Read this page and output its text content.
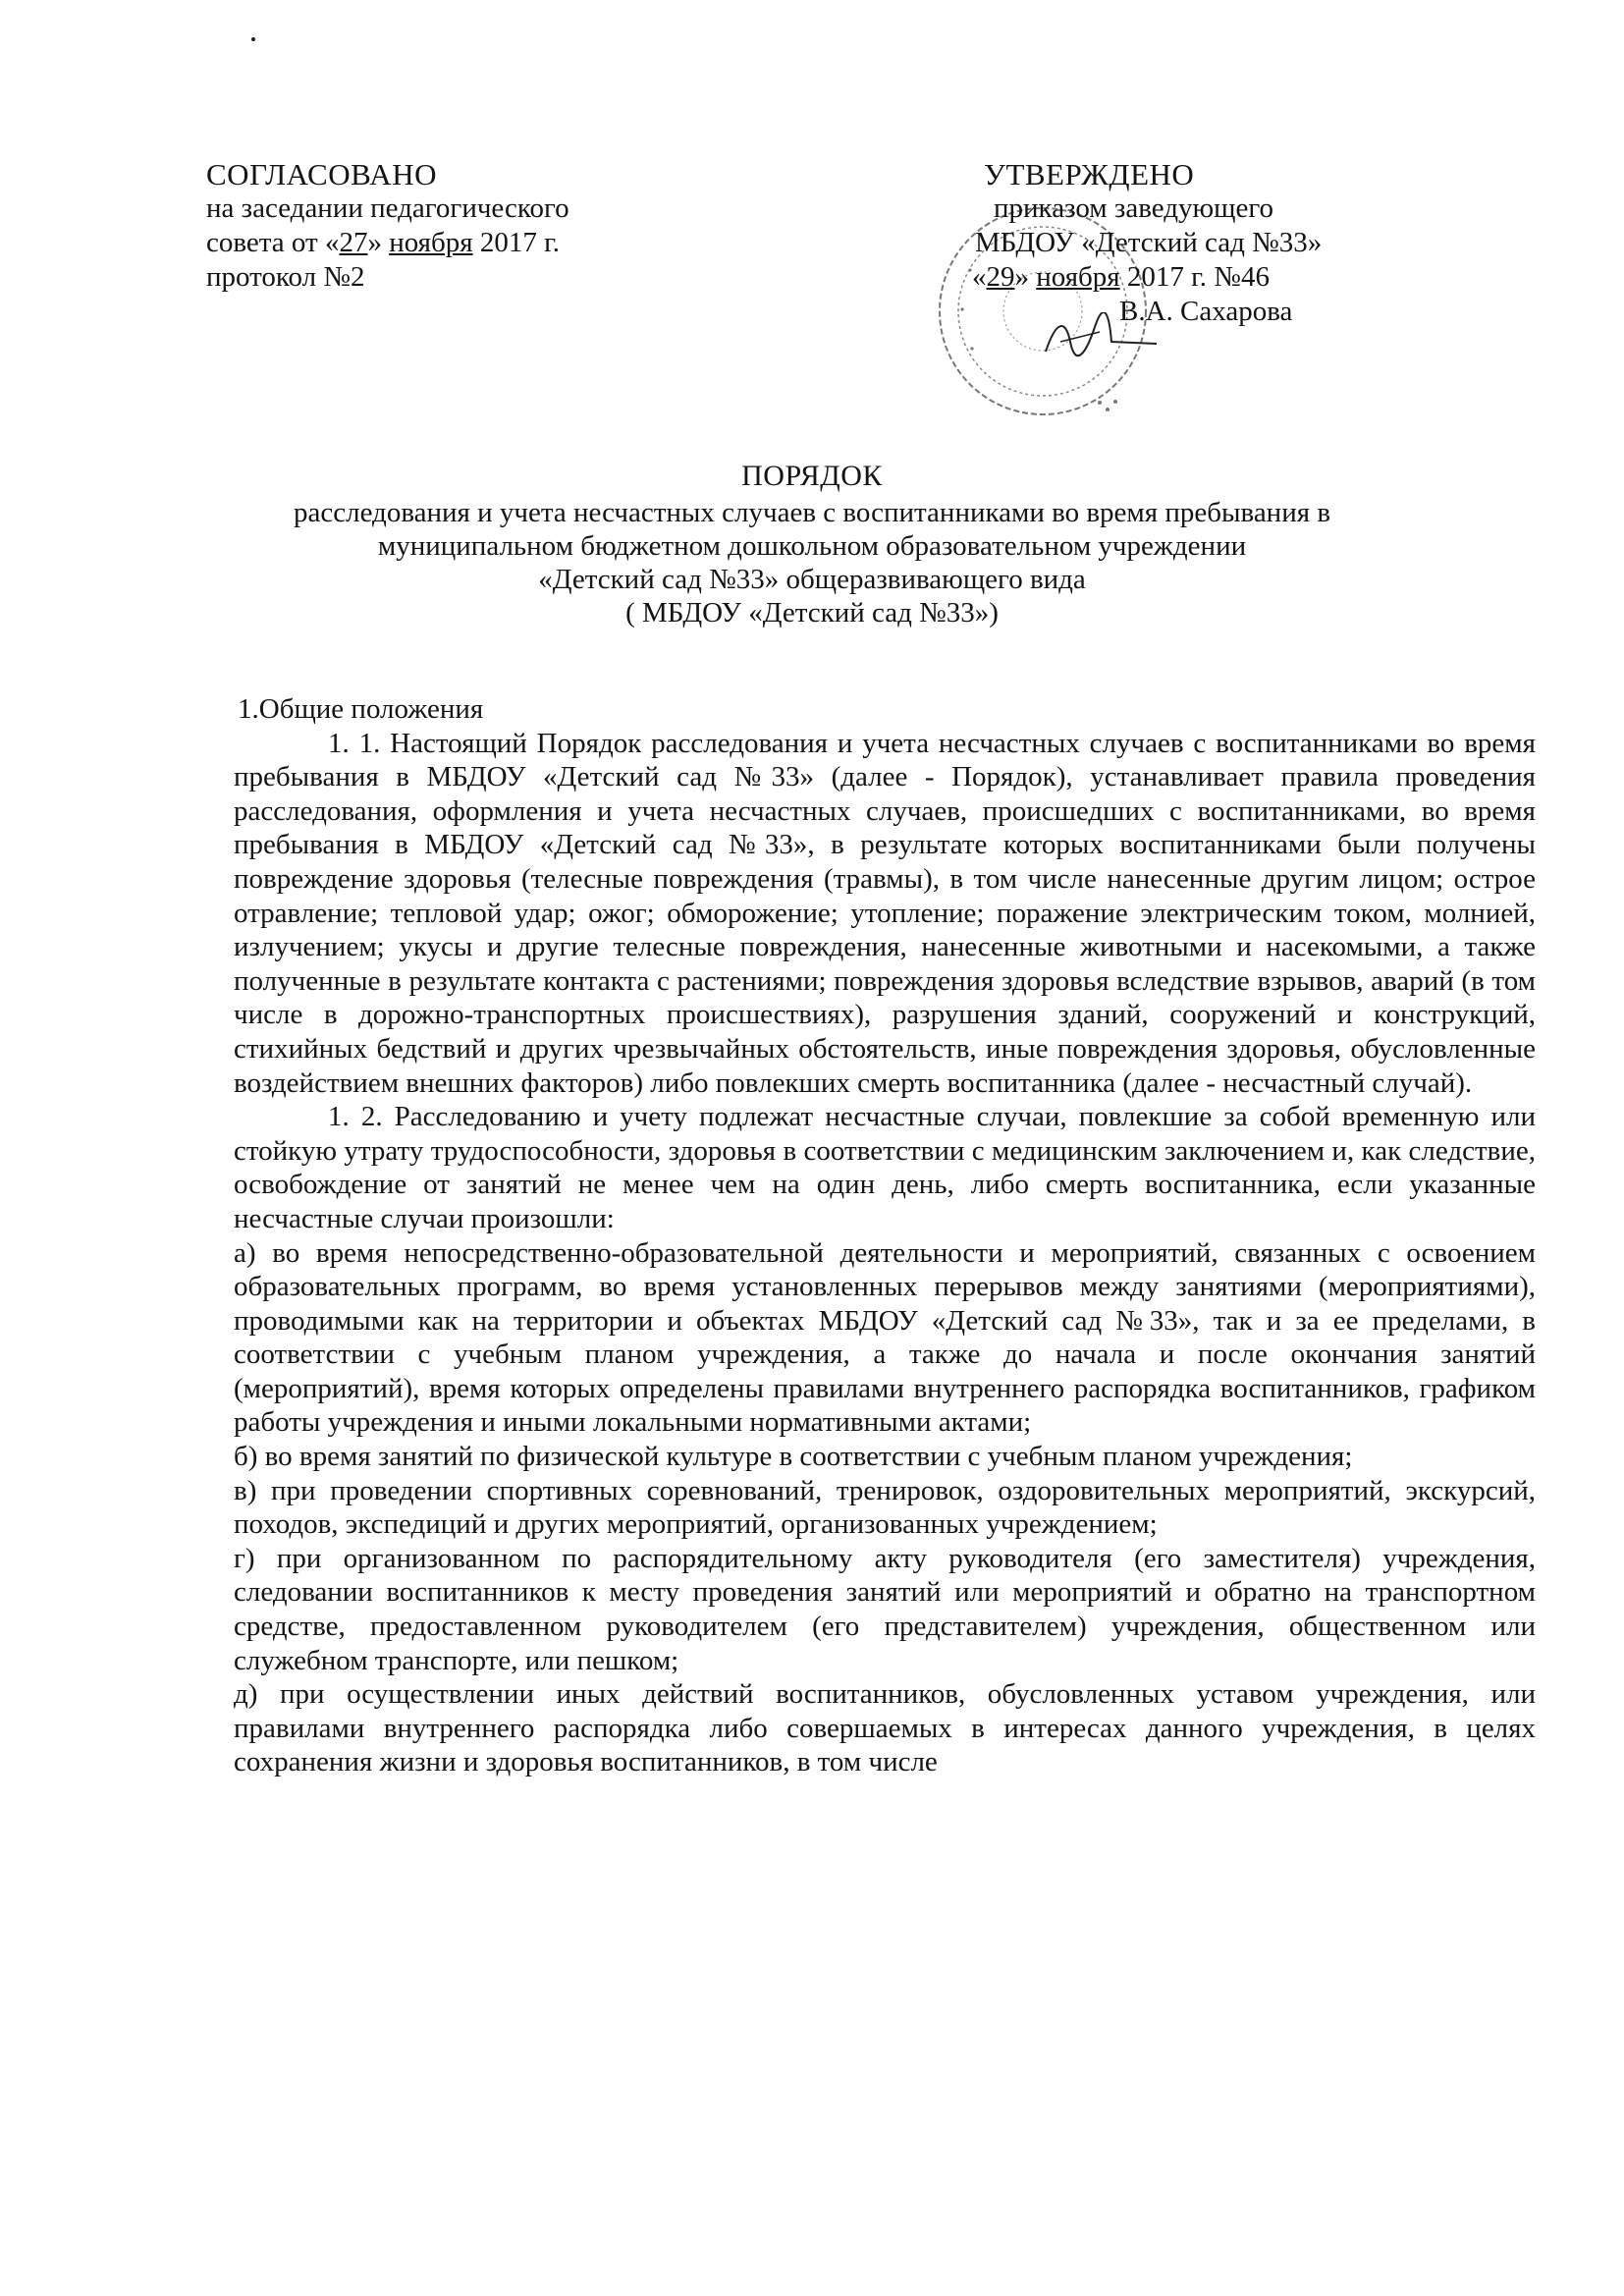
СОГЛАСОВАНО
на заседании педагогического
совета от «27» ноября 2017 г.
протокол №2
УТВЕРЖДЕНО
приказом заведующего
МБДОУ «Детский сад №33»
«29» ноября 2017 г. №46
В.А. Сахарова
ПОРЯДОК
расследования и учета несчастных случаев с воспитанниками во время пребывания в
муниципальном бюджетном дошкольном образовательном учреждении
«Детский сад №33» общеразвивающего вида
( МБДОУ «Детский сад №33»)

1.Общие положения

1. 1. Настоящий Порядок расследования и учета несчастных случаев с воспитанниками во время пребывания в МБДОУ «Детский сад №33» (далее - Порядок), устанавливает правила проведения расследования, оформления и учета несчастных случаев, происшедших с воспитанниками, во время пребывания в МБДОУ «Детский сад №33», в результате которых воспитанниками были получены повреждение здоровья (телесные повреждения (травмы), в том числе нанесенные другим лицом; острое отравление; тепловой удар; ожог; обморожение; утопление; поражение электрическим током, молнией, излучением; укусы и другие телесные повреждения, нанесенные животными и насекомыми, а также полученные в результате контакта с растениями; повреждения здоровья вследствие взрывов, аварий (в том числе в дорожно-транспортных происшествиях), разрушения зданий, сооружений и конструкций, стихийных бедствий и других чрезвычайных обстоятельств, иные повреждения здоровья, обусловленные воздействием внешних факторов) либо повлекших смерть воспитанника (далее - несчастный случай).

1. 2. Расследованию и учету подлежат несчастные случаи, повлекшие за собой временную или стойкую утрату трудоспособности, здоровья в соответствии с медицинским заключением и, как следствие, освобождение от занятий не менее чем на один день, либо смерть воспитанника, если указанные несчастные случаи произошли:

а) во время непосредственно-образовательной деятельности и мероприятий, связанных с освоением образовательных программ, во время установленных перерывов между занятиями (мероприятиями), проводимыми как на территории и объектах МБДОУ «Детский сад №33», так и за ее пределами, в соответствии с учебным планом учреждения, а также до начала и после окончания занятий (мероприятий), время которых определены правилами внутреннего распорядка воспитанников, графиком работы учреждения и иными локальными нормативными актами;

б) во время занятий по физической культуре в соответствии с учебным планом учреждения;

в) при проведении спортивных соревнований, тренировок, оздоровительных мероприятий, экскурсий, походов, экспедиций и других мероприятий, организованных учреждением;

г) при организованном по распорядительному акту руководителя (его заместителя) учреждения, следовании воспитанников к месту проведения занятий или мероприятий и обратно на транспортном средстве, предоставленном руководителем (его представителем) учреждения, общественном или служебном транспорте, или пешком;

д) при осуществлении иных действий воспитанников, обусловленных уставом учреждения, или правилами внутреннего распорядка либо совершаемых в интересах данного учреждения, в целях сохранения жизни и здоровья воспитанников, в том числе
